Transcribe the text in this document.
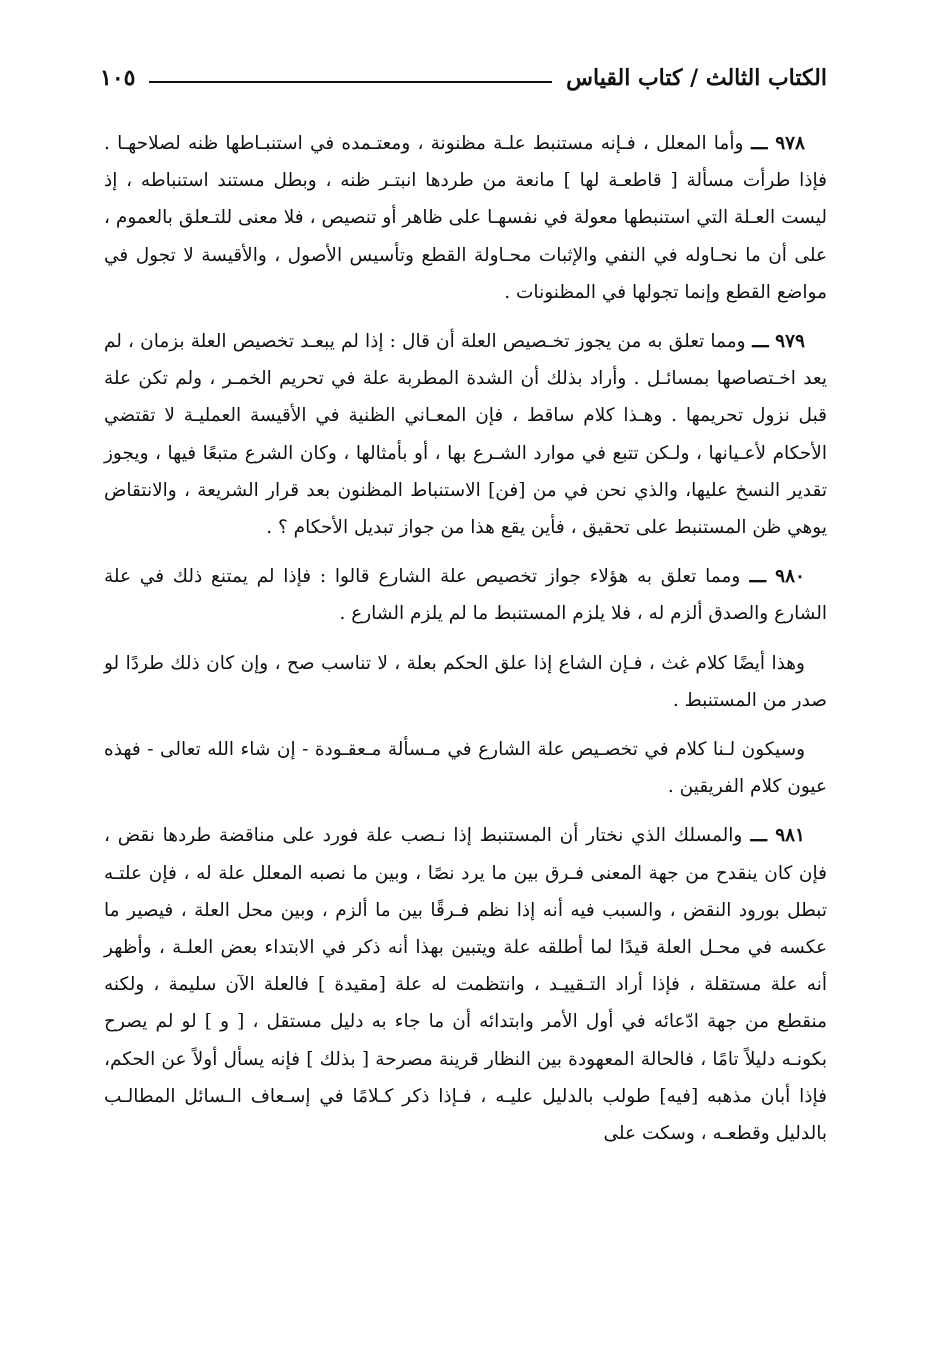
الكتاب الثالث / كتاب القياس
١٠٥

٩٧٨ ـــ وأما المعلل ، فـإنه مستنبط علـة مظنونة ، ومعتـمده في استنبـاطها ظنه لصلاحهـا . فإذا طرأت مسألة [ قاطعـة لها ] مانعة من طردها انبتـر ظنه ، وبطل مستند استنباطه ، إذ ليست العـلة التي استنبطها معولة في نفسهـا على ظاهر أو تنصيص ، فلا معنى للتـعلق بالعموم ، على أن ما نحـاوله في النفي والإثبات محـاولة القطع وتأسيس الأصول ، والأقيسة لا تجول في مواضع القطع وإنما تجولها في المظنونات .

٩٧٩ ـــ ومما تعلق به من يجوز تخـصيص العلة أن قال : إذا لم يبعـد تخصيص العلة بزمان ، لم يعد اخـتصاصها بمسائـل . وأراد بذلك أن الشدة المطربة علة في تحريم الخمـر ، ولم تكن علة قبل نزول تحريمها . وهـذا كلام ساقط ، فإن المعـاني الظنية في الأقيسة العمليـة لا تقتضي الأحكام لأعـيانها ، ولـكن تتبع في موارد الشـرع بها ، أو بأمثالها ، وكان الشرع متبعًا فيها ، ويجوز تقدير النسخ عليها، والذي نحن في من [فن] الاستنباط المظنون بعد قرار الشريعة ، والانتقاض يوهي ظن المستنبط على تحقيق ، فأين يقع هذا من جواز تبديل الأحكام ؟ .

٩٨٠ ـــ ومما تعلق به هؤلاء جواز تخصيص علة الشارع قالوا : فإذا لم يمتنع ذلك في علة الشارع والصدق ألزم له ، فلا يلزم المستنبط ما لم يلزم الشارع .

وهذا أيضًا كلام غث ، فـإن الشاع إذا علق الحكم بعلة ، لا تناسب صح ، وإن كان ذلك طردًا لو صدر من المستنبط .

وسيكون لـنا كلام في تخصـيص علة الشارع في مـسألة مـعقـودة - إن شاء الله تعالى - فهذه عيون كلام الفريقين .

٩٨١ ـــ والمسلك الذي نختار أن المستنبط إذا نـصب علة فورد على مناقضة طردها نقض ، فإن كان ينقدح من جهة المعنى فـرق بين ما يرد نصًا ، وبين ما نصبه المعلل علة له ، فإن علتـه تبطل بورود النقض ، والسبب فيه أنه إذا نظم فـرقًا بين ما ألزم ، وبين محل العلة ، فيصير ما عكسه في محـل العلة قيدًا لما أطلقه علة ويتبين بهذا أنه ذكر في الابتداء بعض العلـة ، وأظهر أنه علة مستقلة ، فإذا أراد التـقييـد ، وانتظمت له علة [مقيدة ] فالعلة الآن سليمة ، ولكنه منقطع من جهة ادّعائه في أول الأمر وابتدائه أن ما جاء به دليل مستقل ، [ و ] لو لم يصرح بكونـه دليلاً تامًا ، فالحالة المعهودة بين النظار قرينة مصرحة [ بذلك ] فإنه يسأل أولاً عن الحكم، فإذا أبان مذهبه [فيه] طولب بالدليل عليـه ، فـإذا ذكر كـلامًا في إسـعاف الـسائل المطالـب بالدليل وقطعـه ، وسكت على
